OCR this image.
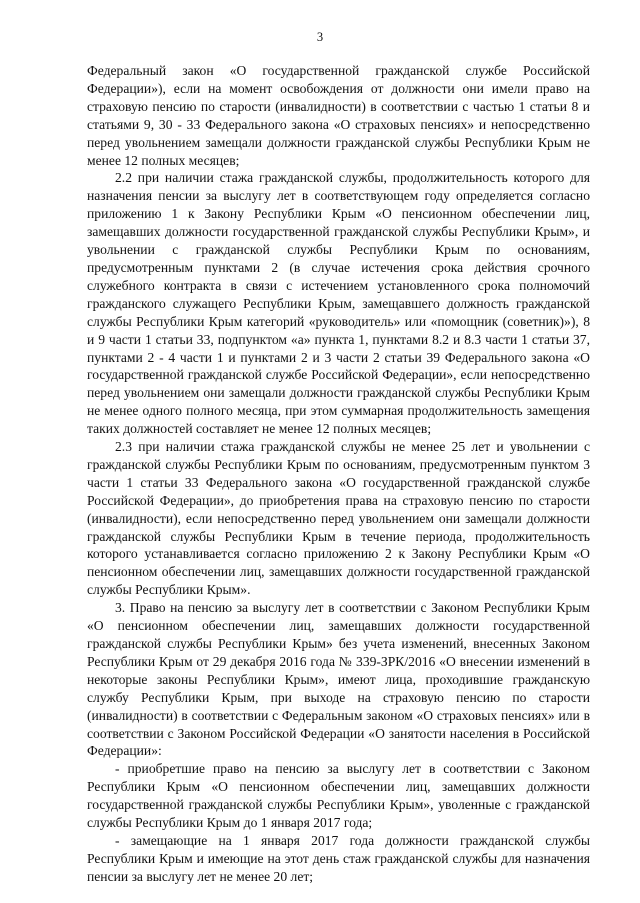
3

Федеральный закон «О государственной гражданской службе Российской Федерации»), если на момент освобождения от должности они имели право на страховую пенсию по старости (инвалидности) в соответствии с частью 1 статьи 8 и статьями 9, 30 - 33 Федерального закона «О страховых пенсиях» и непосредственно перед увольнением замещали должности гражданской службы Республики Крым не менее 12 полных месяцев;

2.2 при наличии стажа гражданской службы, продолжительность которого для назначения пенсии за выслугу лет в соответствующем году определяется согласно приложению 1 к Закону Республики Крым «О пенсионном обеспечении лиц, замещавших должности государственной гражданской службы Республики Крым», и увольнении с гражданской службы Республики Крым по основаниям, предусмотренным пунктами 2 (в случае истечения срока действия срочного служебного контракта в связи с истечением установленного срока полномочий гражданского служащего Республики Крым, замещавшего должность гражданской службы Республики Крым категорий «руководитель» или «помощник (советник)»), 8 и 9 части 1 статьи 33, подпунктом «а» пункта 1, пунктами 8.2 и 8.3 части 1 статьи 37, пунктами 2 - 4 части 1 и пунктами 2 и 3 части 2 статьи 39 Федерального закона «О государственной гражданской службе Российской Федерации», если непосредственно перед увольнением они замещали должности гражданской службы Республики Крым не менее одного полного месяца, при этом суммарная продолжительность замещения таких должностей составляет не менее 12 полных месяцев;

2.3 при наличии стажа гражданской службы не менее 25 лет и увольнении с гражданской службы Республики Крым по основаниям, предусмотренным пунктом 3 части 1 статьи 33 Федерального закона «О государственной гражданской службе Российской Федерации», до приобретения права на страховую пенсию по старости (инвалидности), если непосредственно перед увольнением они замещали должности гражданской службы Республики Крым в течение периода, продолжительность которого устанавливается согласно приложению 2 к Закону Республики Крым «О пенсионном обеспечении лиц, замещавших должности государственной гражданской службы Республики Крым».

3. Право на пенсию за выслугу лет в соответствии с Законом Республики Крым «О пенсионном обеспечении лиц, замещавших должности государственной гражданской службы Республики Крым» без учета изменений, внесенных Законом Республики Крым от 29 декабря 2016 года № 339-ЗРК/2016 «О внесении изменений в некоторые законы Республики Крым», имеют лица, проходившие гражданскую службу Республики Крым, при выходе на страховую пенсию по старости (инвалидности) в соответствии с Федеральным законом «О страховых пенсиях» или в соответствии с Законом Российской Федерации «О занятости населения в Российской Федерации»:

- приобретшие право на пенсию за выслугу лет в соответствии с Законом Республики Крым «О пенсионном обеспечении лиц, замещавших должности государственной гражданской службы Республики Крым», уволенные с гражданской службы Республики Крым до 1 января 2017 года;

- замещающие на 1 января 2017 года должности гражданской службы Республики Крым и имеющие на этот день стаж гражданской службы для назначения пенсии за выслугу лет не менее 20 лет;
